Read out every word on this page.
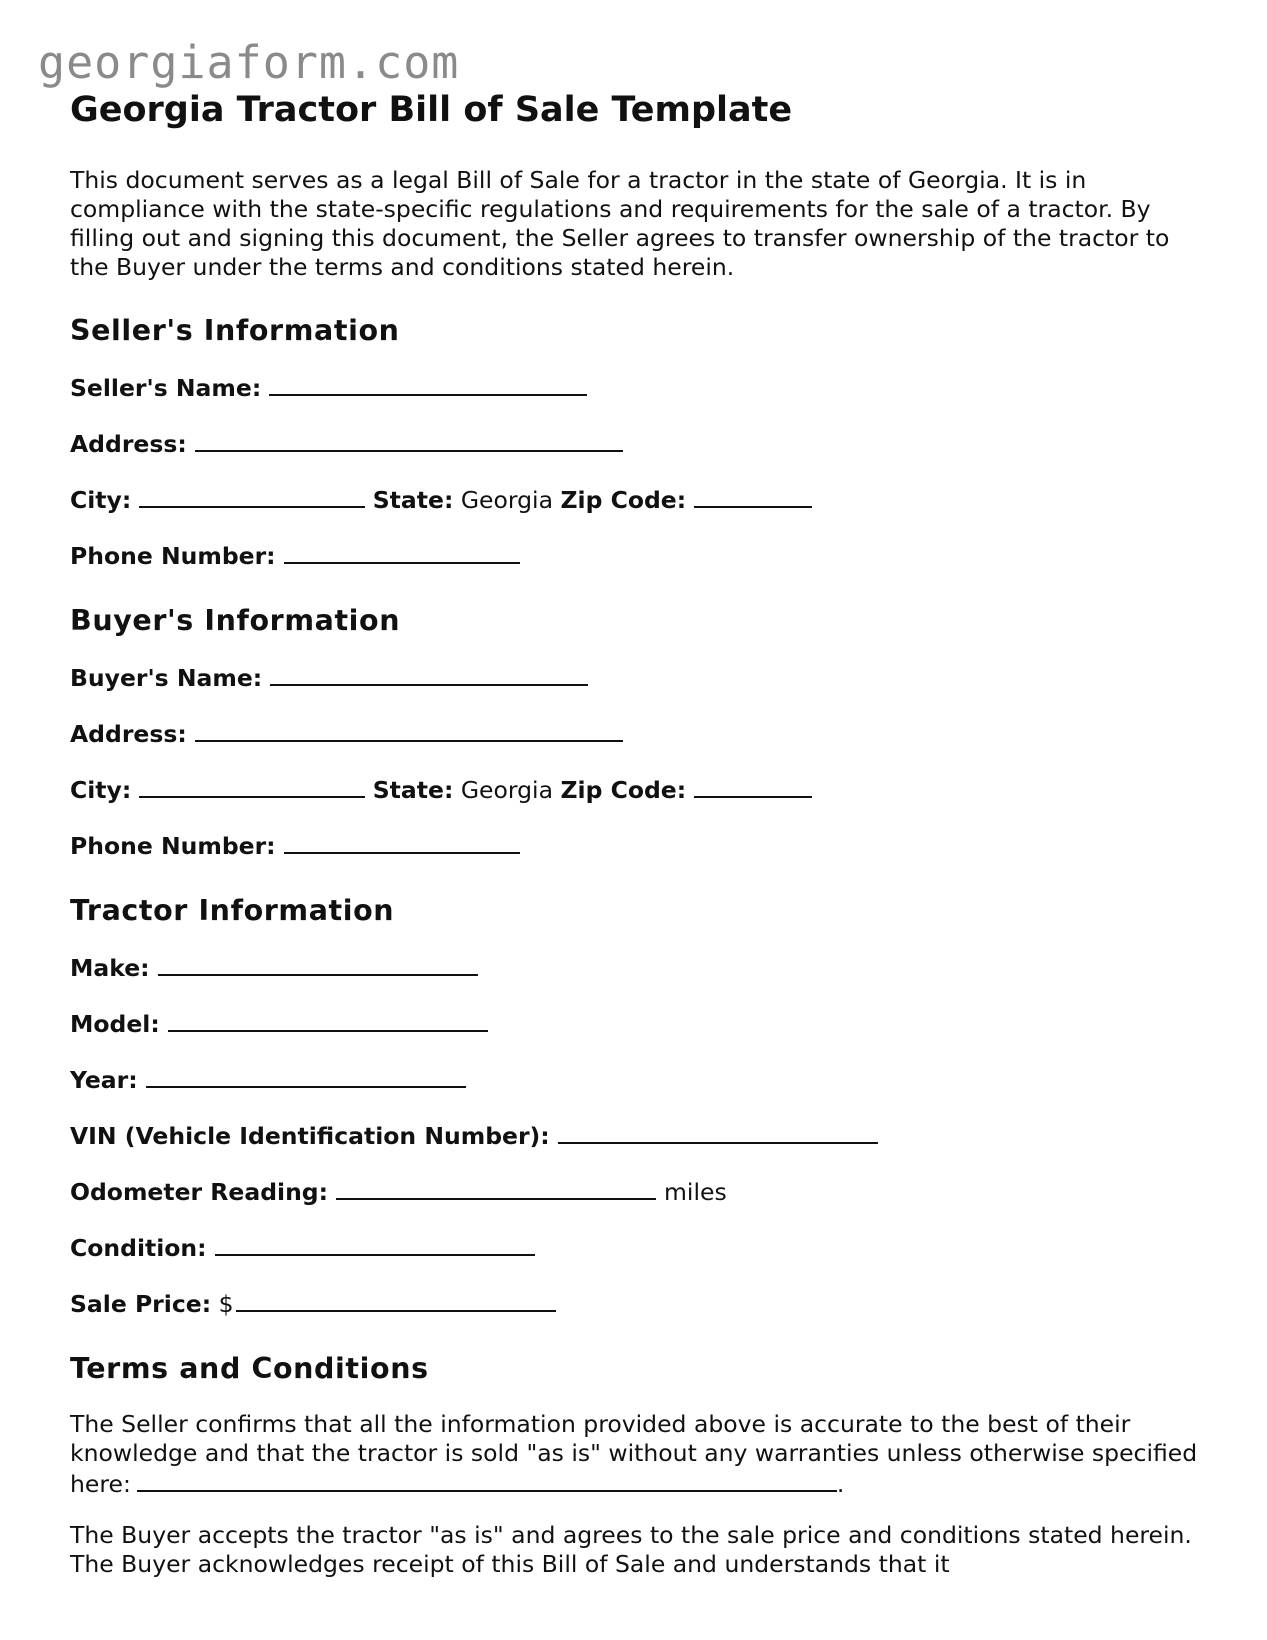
georgiaform.com
Georgia Tractor Bill of Sale Template

This document serves as a legal Bill of Sale for a tractor in the state of Georgia. It is in compliance with the state-specific regulations and requirements for the sale of a tractor. By filling out and signing this document, the Seller agrees to transfer ownership of the tractor to the Buyer under the terms and conditions stated herein.

Seller's Information
Seller's Name:
Address:
City:	State: Georgia Zip Code:
Phone Number:
Buyer's Information
Buyer's Name:
Address:
City:	State: Georgia Zip Code:
Phone Number:
Tractor Information
Make:
Model:
Year:
VIN (Vehicle Identification Number):
Odometer Reading:	miles
Condition:
Sale Price: $
Terms and Conditions

The Seller confirms that all the information provided above is accurate to the best of their knowledge and that the tractor is sold "as is" without any warranties unless otherwise specified here:	.

The Buyer accepts the tractor "as is" and agrees to the sale price and conditions stated herein. The Buyer acknowledges receipt of this Bill of Sale and understands that it
